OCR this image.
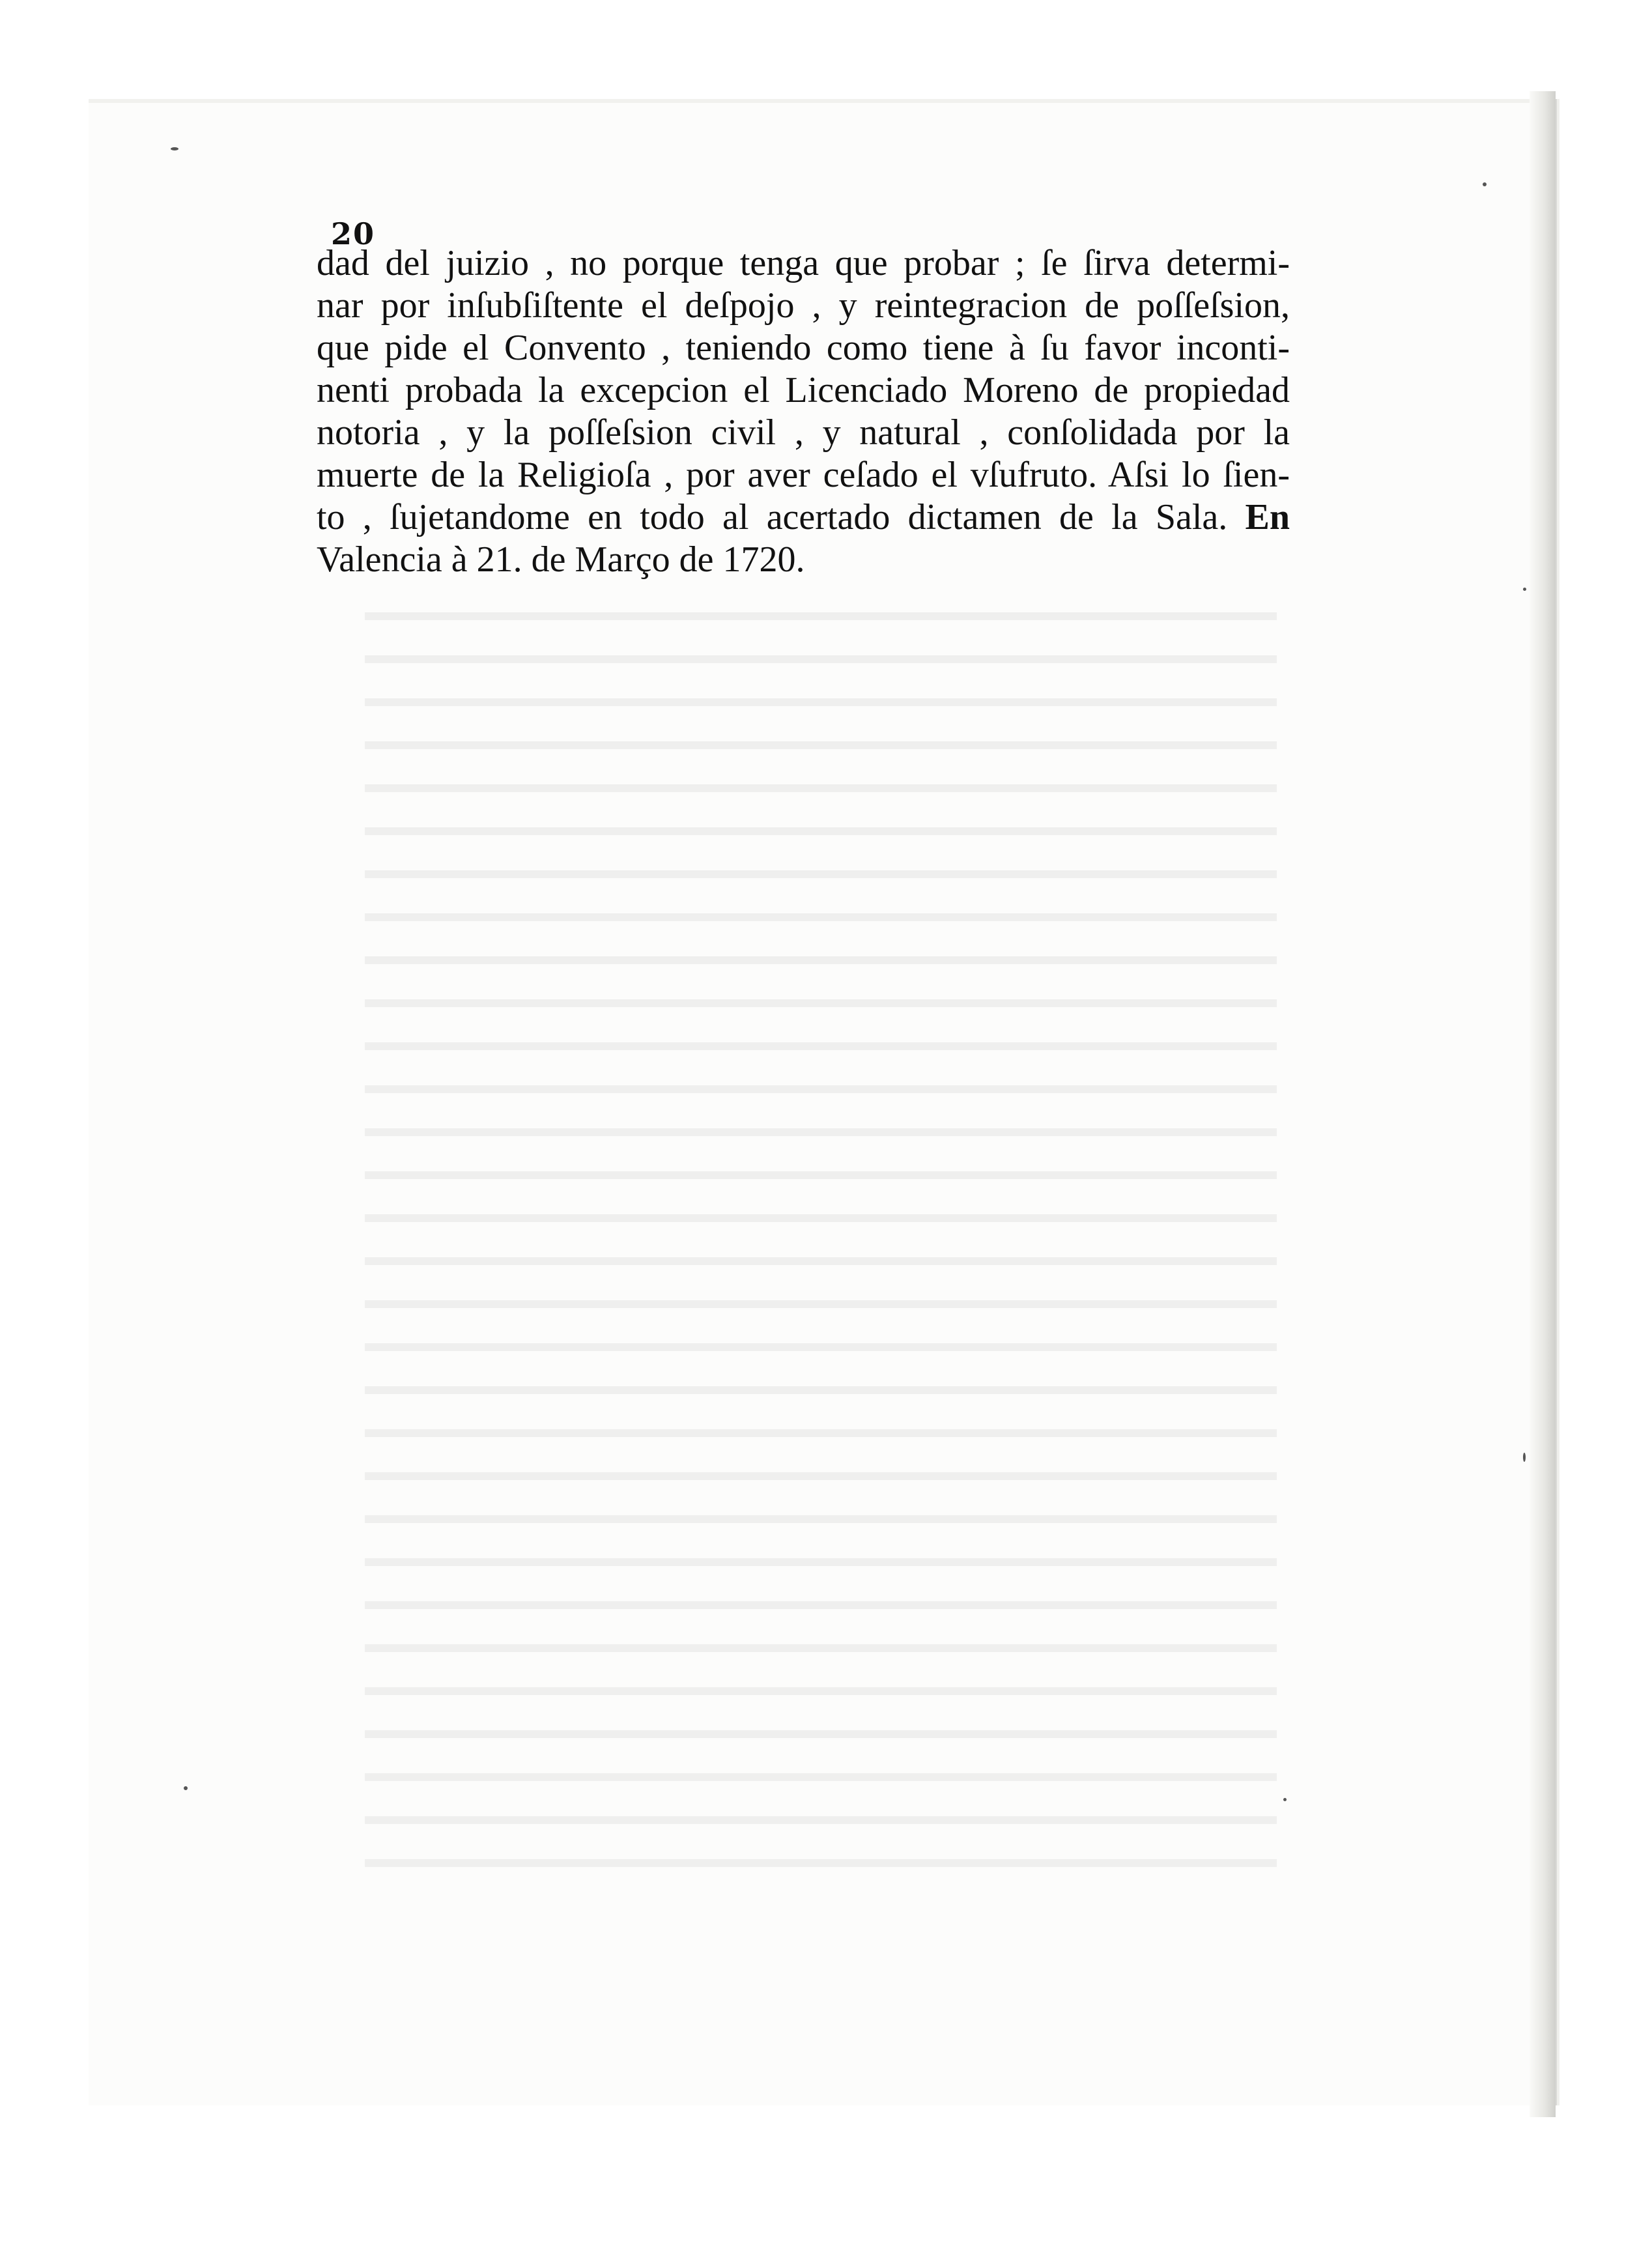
20
dad del juizio , no porque tenga que probar ; ſe ſirva determi-
nar por inſubſiſtente el deſpojo , y reintegracion de poſſeſsion,
que pide el Convento , teniendo como tiene à ſu favor inconti-
nenti probada la excepcion el Licenciado Moreno de propiedad
notoria , y la poſſeſsion civil , y natural , conſolidada por la
muerte de la Religioſa , por aver ceſado el vſufruto. Aſsi lo ſien-
to , ſujetandome en todo al acertado dictamen de la Sala. En
Valencia à 21. de Março de 1720.
